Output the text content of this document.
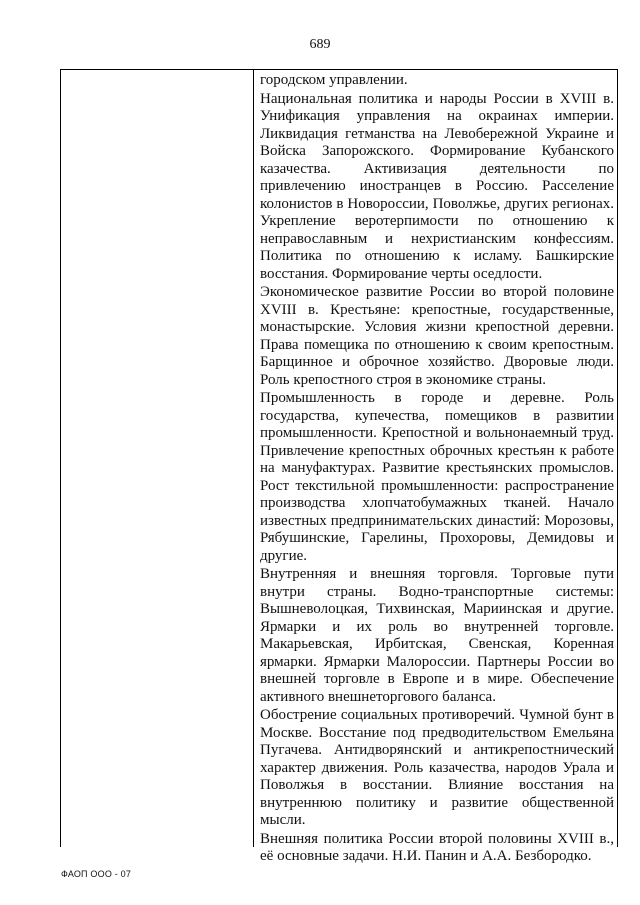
689

городском управлении.

Национальная политика и народы России в XVIII в. Унификация управления на окраинах империи. Ликвидация гетманства на Левобережной Украине и Войска Запорожского. Формирование Кубанского казачества. Активизация деятельности по привлечению иностранцев в Россию. Расселение колонистов в Новороссии, Поволжье, других регионах. Укрепление веротерпимости по отношению к неправославным и нехристианским конфессиям. Политика по отношению к исламу. Башкирские восстания. Формирование черты оседлости.

Экономическое развитие России во второй половине XVIII в. Крестьяне: крепостные, государственные, монастырские. Условия жизни крепостной деревни. Права помещика по отношению к своим крепостным. Барщинное и оброчное хозяйство. Дворовые люди. Роль крепостного строя в экономике страны.

Промышленность в городе и деревне. Роль государства, купечества, помещиков в развитии промышленности. Крепостной и вольнонаемный труд. Привлечение крепостных оброчных крестьян к работе на мануфактурах. Развитие крестьянских промыслов. Рост текстильной промышленности: распространение производства хлопчатобумажных тканей. Начало известных предпринимательских династий: Морозовы, Рябушинские, Гарелины, Прохоровы, Демидовы и другие.

Внутренняя и внешняя торговля. Торговые пути внутри страны. Водно-транспортные системы: Вышневолоцкая, Тихвинская, Мариинская и другие. Ярмарки и их роль во внутренней торговле. Макарьевская, Ирбитская, Свенская, Коренная ярмарки. Ярмарки Малороссии. Партнеры России во внешней торговле в Европе и в мире. Обеспечение активного внешнеторгового баланса.

Обострение социальных противоречий. Чумной бунт в Москве. Восстание под предводительством Емельяна Пугачева. Антидворянский и антикрепостнический характер движения. Роль казачества, народов Урала и Поволжья в восстании. Влияние восстания на внутреннюю политику и развитие общественной мысли.

Внешняя политика России второй половины XVIII в., её основные задачи. Н.И. Панин и А.А. Безбородко.

ФАОП ООО - 07
